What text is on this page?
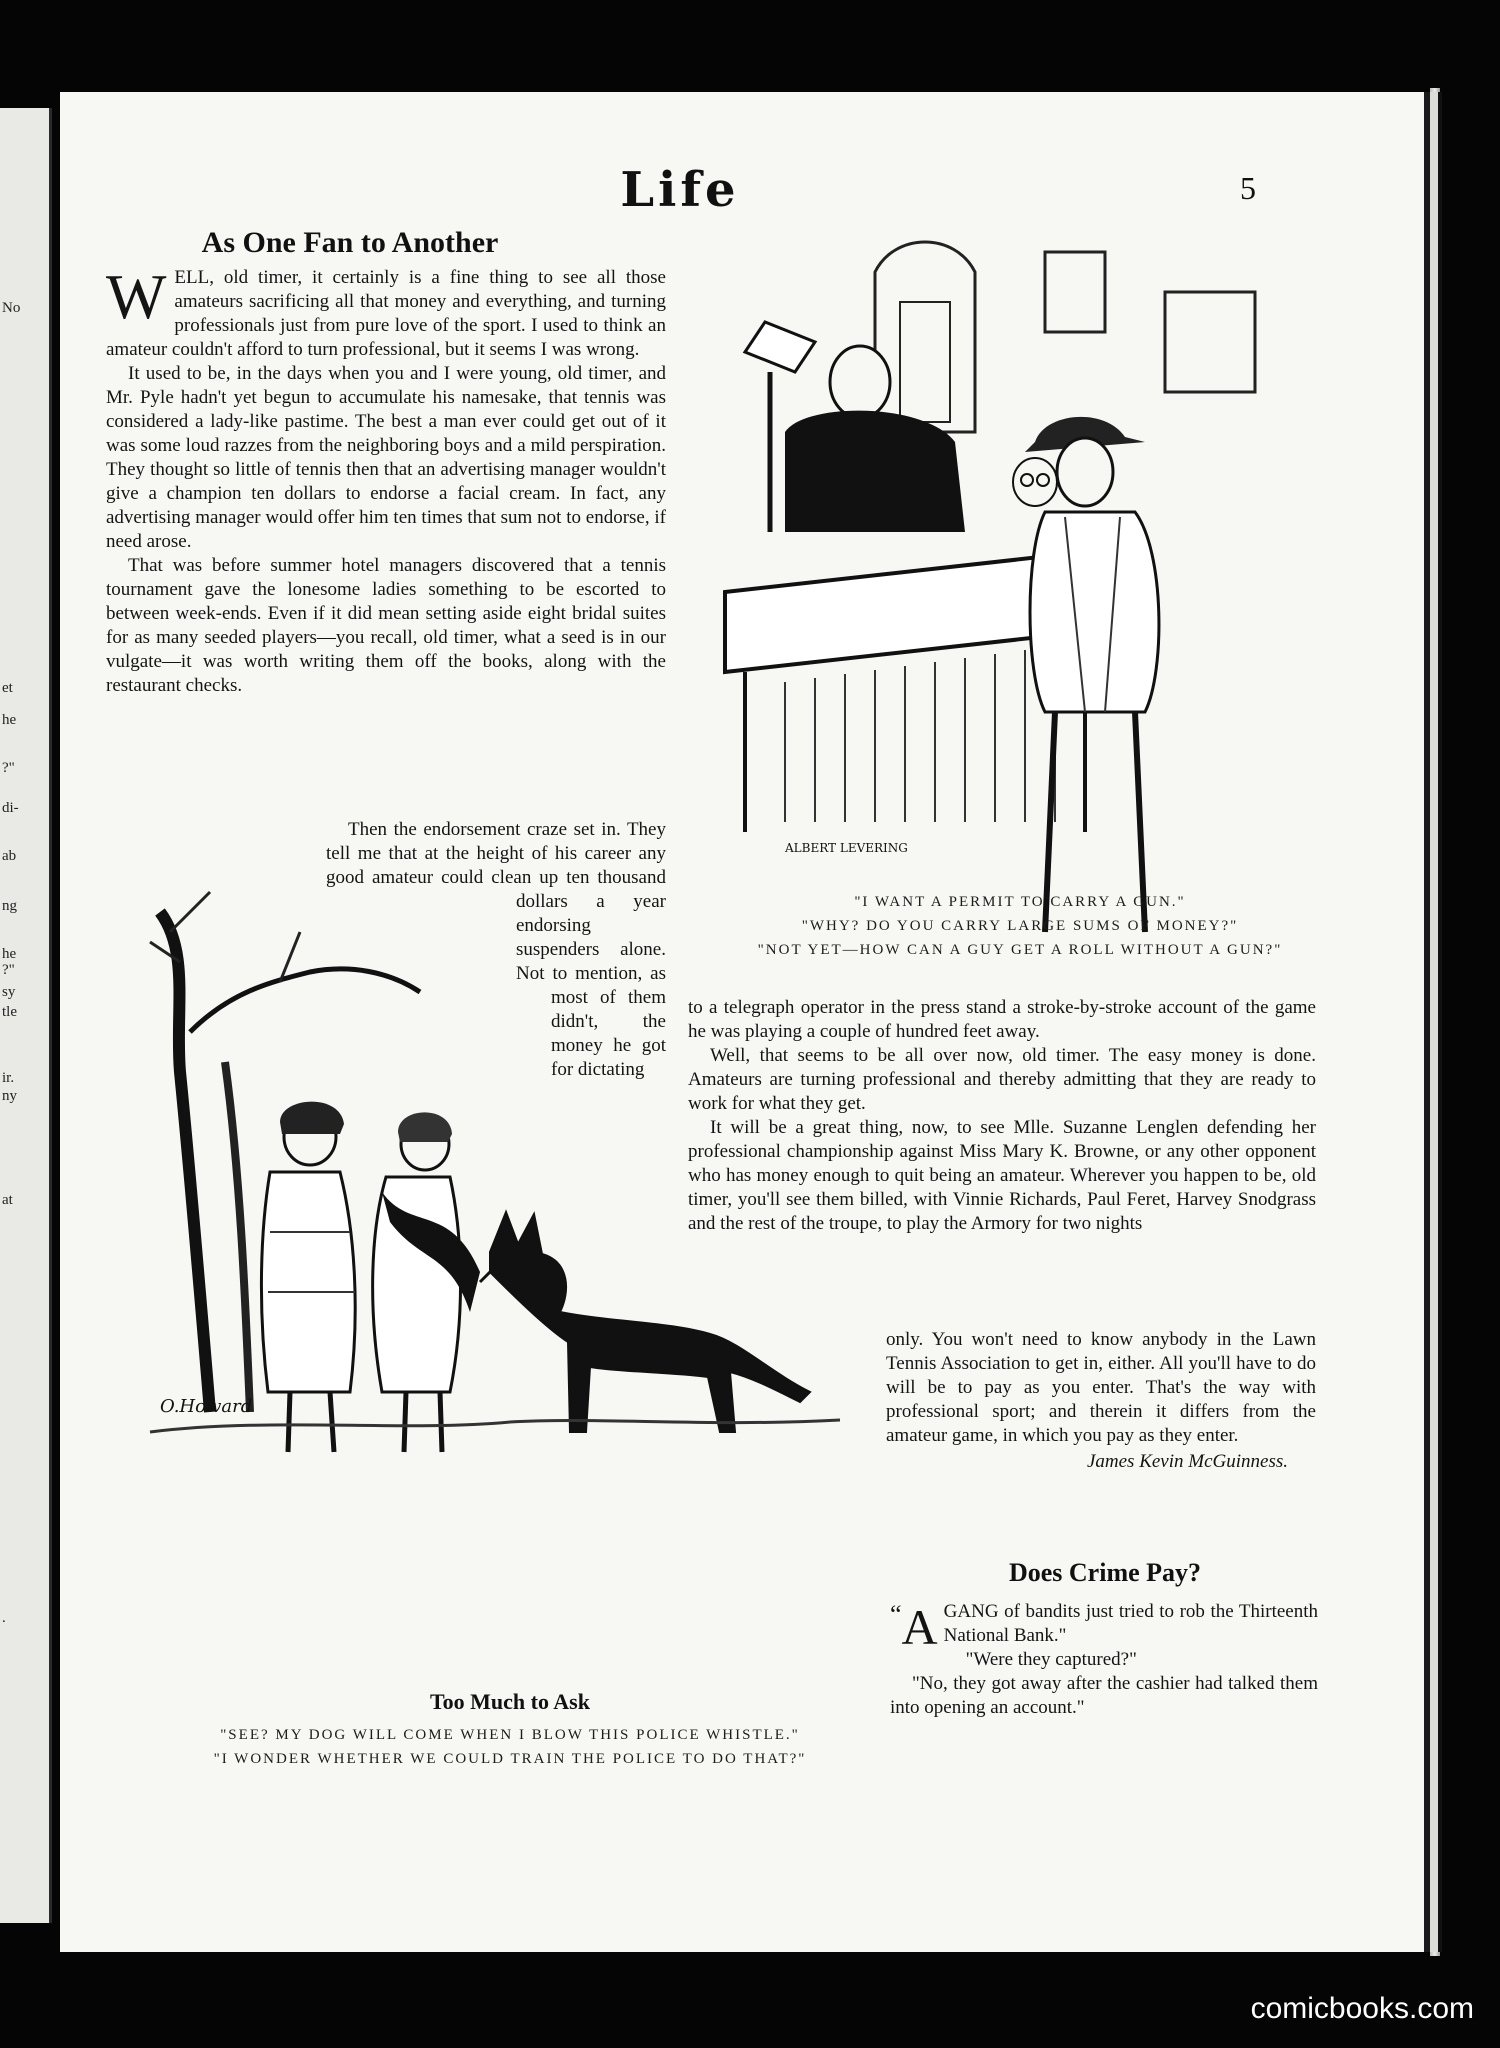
No
et
he
?"
di-
ab
ng
he
?"
sy
tle
ir.
ny
at
.
Life	5
As One Fan to Another

WELL, old timer, it certainly is a fine thing to see all those amateurs sacrificing all that money and everything, and turning professionals just from pure love of the sport. I used to think an amateur couldn't afford to turn professional, but it seems I was wrong.

It used to be, in the days when you and I were young, old timer, and Mr. Pyle hadn't yet begun to accumulate his namesake, that tennis was considered a lady-like pastime. The best a man ever could get out of it was some loud razzes from the neighboring boys and a mild perspiration. They thought so little of tennis then that an advertising manager wouldn't give a champion ten dollars to endorse a facial cream. In fact, any advertising manager would offer him ten times that sum not to endorse, if need arose.

That was before summer hotel managers discovered that a tennis tournament gave the lonesome ladies something to be escorted to between week-ends. Even if it did mean setting aside eight bridal suites for as many seeded players—you recall, old timer, what a seed is in our vulgate—it was worth writing them off the books, along with the restaurant checks.

Then the endorsement craze set in. They tell me that at the height of his career any good amateur could clean up ten thousand dollars a year endorsing suspenders alone. Not to mention, as most of them didn't, the money he got for dictating

O.Howard
Too Much to Ask
"SEE? MY DOG WILL COME WHEN I BLOW THIS POLICE WHISTLE."
"I WONDER WHETHER WE COULD TRAIN THE POLICE TO DO THAT?"
ALBERT LEVERING
"I WANT A PERMIT TO CARRY A GUN."
"WHY? DO YOU CARRY LARGE SUMS OF MONEY?"
"NOT YET—HOW CAN A GUY GET A ROLL WITHOUT A GUN?"

to a telegraph operator in the press stand a stroke-by-stroke account of the game he was playing a couple of hundred feet away.

Well, that seems to be all over now, old timer. The easy money is done. Amateurs are turning professional and thereby admitting that they are ready to work for what they get.

It will be a great thing, now, to see Mlle. Suzanne Lenglen defending her professional championship against Miss Mary K. Browne, or any other opponent who has money enough to quit being an amateur. Wherever you happen to be, old timer, you'll see them billed, with Vinnie Richards, Paul Feret, Harvey Snodgrass and the rest of the troupe, to play the Armory for two nights

only. You won't need to know anybody in the Lawn Tennis Association to get in, either. All you'll have to do will be to pay as you enter. That's the way with professional sport; and therein it differs from the amateur game, in which you pay as they enter.

James Kevin McGuinness.
Does Crime Pay?

“ A GANG of bandits just tried to rob the Thirteenth National Bank."

"Were they captured?"

"No, they got away after the cashier had talked them into opening an account."

comicbooks.com
